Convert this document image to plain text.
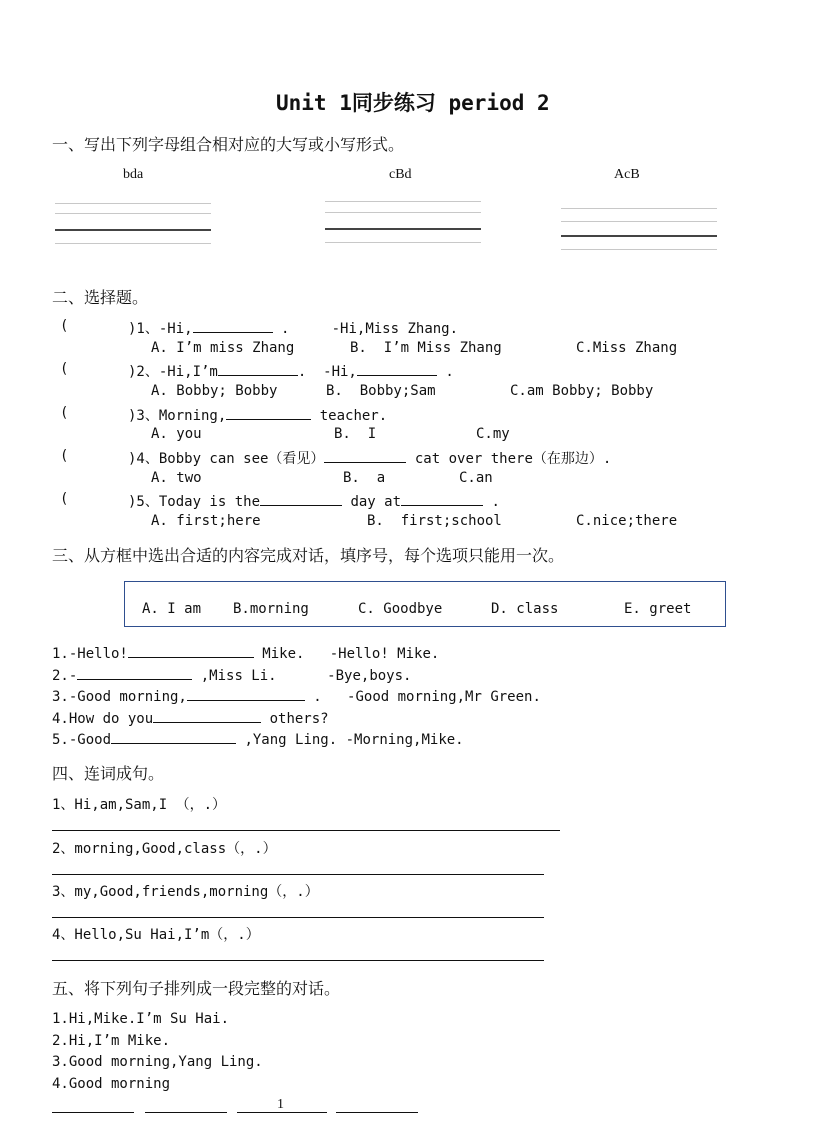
Unit 1同步练习 period 2
一、写出下列字母组合相对应的大写或小写形式。
bda	cBd	AcB
二、选择题。
(	)1、-Hi,	.	-Hi,Miss Zhang.
A. I’m miss Zhang	B.  I’m Miss Zhang	C.Miss Zhang
(	)2、-Hi,I’m	.  -Hi,	.
A. Bobby; Bobby	B.  Bobby;Sam	C.am Bobby; Bobby
(	)3、Morning,	teacher.
A. you	B.  I	C.my
(	)4、Bobby can see（看见）	cat over there（在那边）.
A. two	B.  a	C.an
(	)5、Today is the	day at	.
A. first;here	B.  first;school	C.nice;there
三、从方框中选出合适的内容完成对话，填序号，每个选项只能用一次。
A. I am B.morning	C. Goodbye	D. class	E. greet
1.-Hello!	Mike. -Hello! Mike.
2.-	,Miss Li.	-Bye,boys.
3.-Good morning,	. -Good morning,Mr Green.
4.How do you	others?
5.-Good	,Yang Ling. -Morning,Mike.
四、连词成句。
1、Hi,am,Sam,I （，.）
2、morning,Good,class（，.）
3、my,Good,friends,morning（，.）
4、Hello,Su Hai,I’m（，.）
五、将下列句子排列成一段完整的对话。
1.Hi,Mike.I’m Su Hai.
2.Hi,I’m Mike.
3.Good morning,Yang Ling.
4.Good morning
1
